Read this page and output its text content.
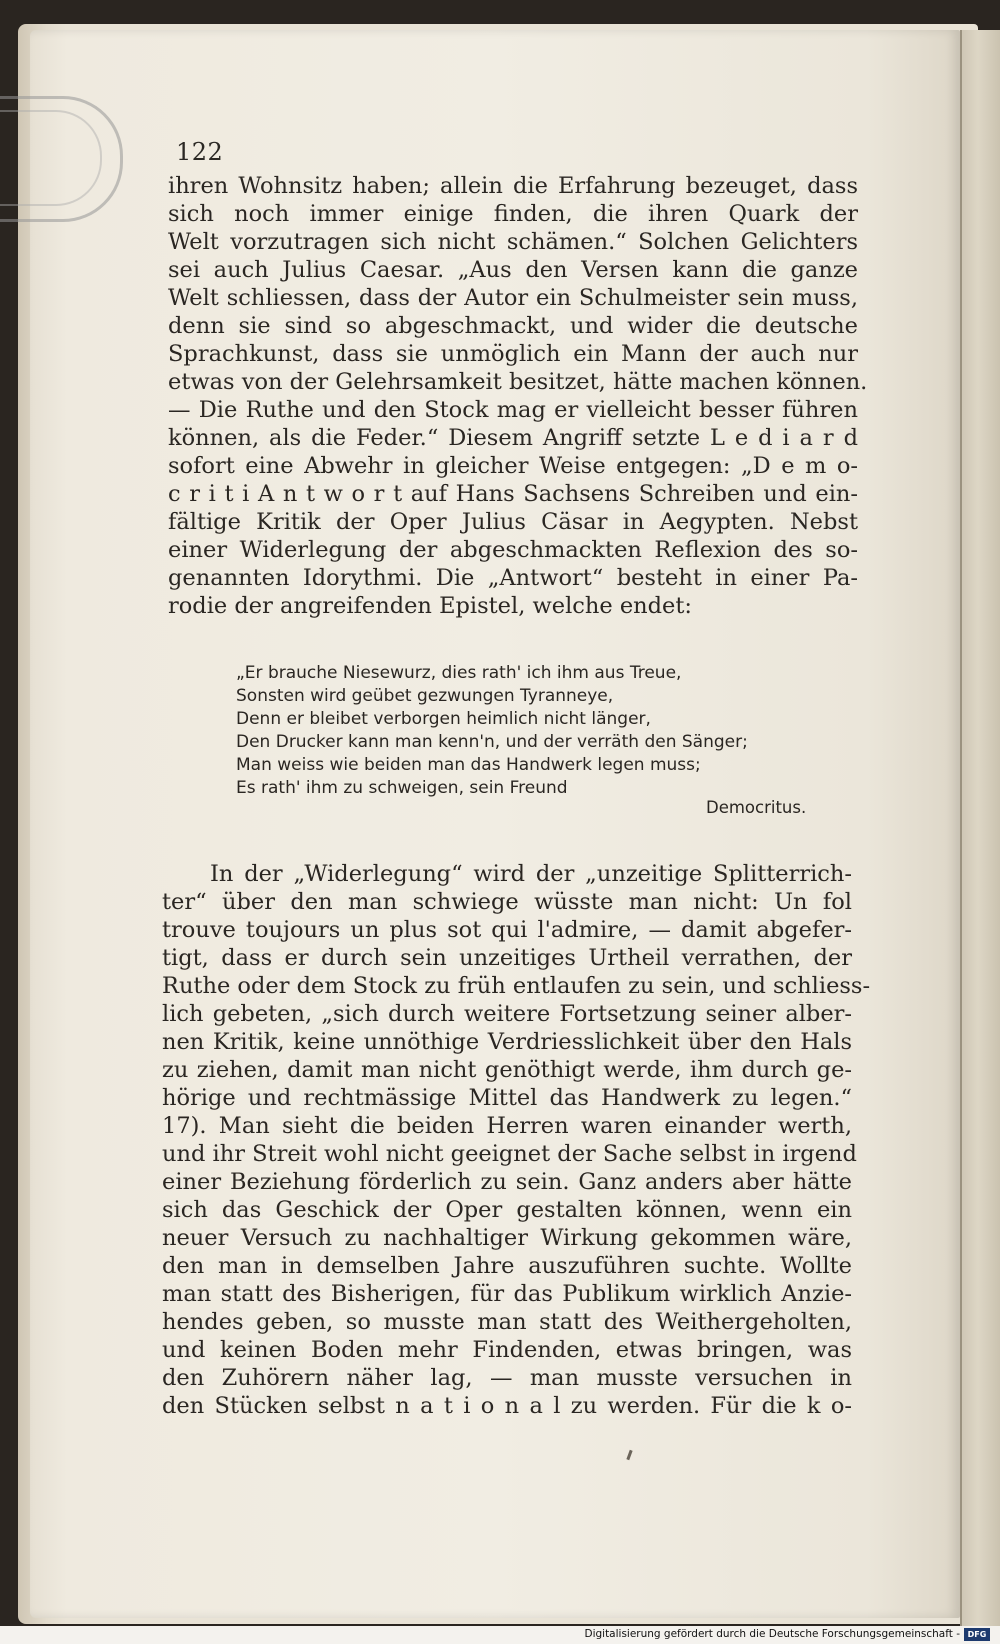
122
ihren Wohnsitz haben; allein die Erfahrung bezeuget, dass
sich noch immer einige finden, die ihren Quark der
Welt vorzutragen sich nicht schämen.“ Solchen Gelichters
sei auch Julius Caesar. „Aus den Versen kann die ganze
Welt schliessen, dass der Autor ein Schulmeister sein muss,
denn sie sind so abgeschmackt, und wider die deutsche
Sprachkunst, dass sie unmöglich ein Mann der auch nur
etwas von der Gelehrsamkeit besitzet, hätte machen können.
— Die Ruthe und den Stock mag er vielleicht besser führen
können, als die Feder.“ Diesem Angriff setzte L e d i a r d
sofort eine Abwehr in gleicher Weise entgegen: „D e m o-
c r i t i A n t w o r t auf Hans Sachsens Schreiben und ein-
fältige Kritik der Oper Julius Cäsar in Aegypten. Nebst
einer Widerlegung der abgeschmackten Reflexion des so-
genannten Idorythmi. Die „Antwort“ besteht in einer Pa-
rodie der angreifenden Epistel, welche endet:
„Er brauche Niesewurz, dies rath' ich ihm aus Treue,
Sonsten wird geübet gezwungen Tyranneye,
Denn er bleibet verborgen heimlich nicht länger,
Den Drucker kann man kenn'n, und der verräth den Sänger;
Man weiss wie beiden man das Handwerk legen muss;
Es rath' ihm zu schweigen, sein Freund
Democritus.
In der „Widerlegung“ wird der „unzeitige Splitterrich-
ter“ über den man schwiege wüsste man nicht: Un fol
trouve toujours un plus sot qui l'admire, — damit abgefer-
tigt, dass er durch sein unzeitiges Urtheil verrathen, der
Ruthe oder dem Stock zu früh entlaufen zu sein, und schliess-
lich gebeten, „sich durch weitere Fortsetzung seiner alber-
nen Kritik, keine unnöthige Verdriesslichkeit über den Hals
zu ziehen, damit man nicht genöthigt werde, ihm durch ge-
hörige und rechtmässige Mittel das Handwerk zu legen.“
17). Man sieht die beiden Herren waren einander werth,
und ihr Streit wohl nicht geeignet der Sache selbst in irgend
einer Beziehung förderlich zu sein. Ganz anders aber hätte
sich das Geschick der Oper gestalten können, wenn ein
neuer Versuch zu nachhaltiger Wirkung gekommen wäre,
den man in demselben Jahre auszuführen suchte. Wollte
man statt des Bisherigen, für das Publikum wirklich Anzie-
hendes geben, so musste man statt des Weithergeholten,
und keinen Boden mehr Findenden, etwas bringen, was
den Zuhörern näher lag, — man musste versuchen in
den Stücken selbst n a t i o n a l zu werden. Für die k o-
Digitalisierung gefördert durch die Deutsche Forschungsgemeinschaft - DFG
